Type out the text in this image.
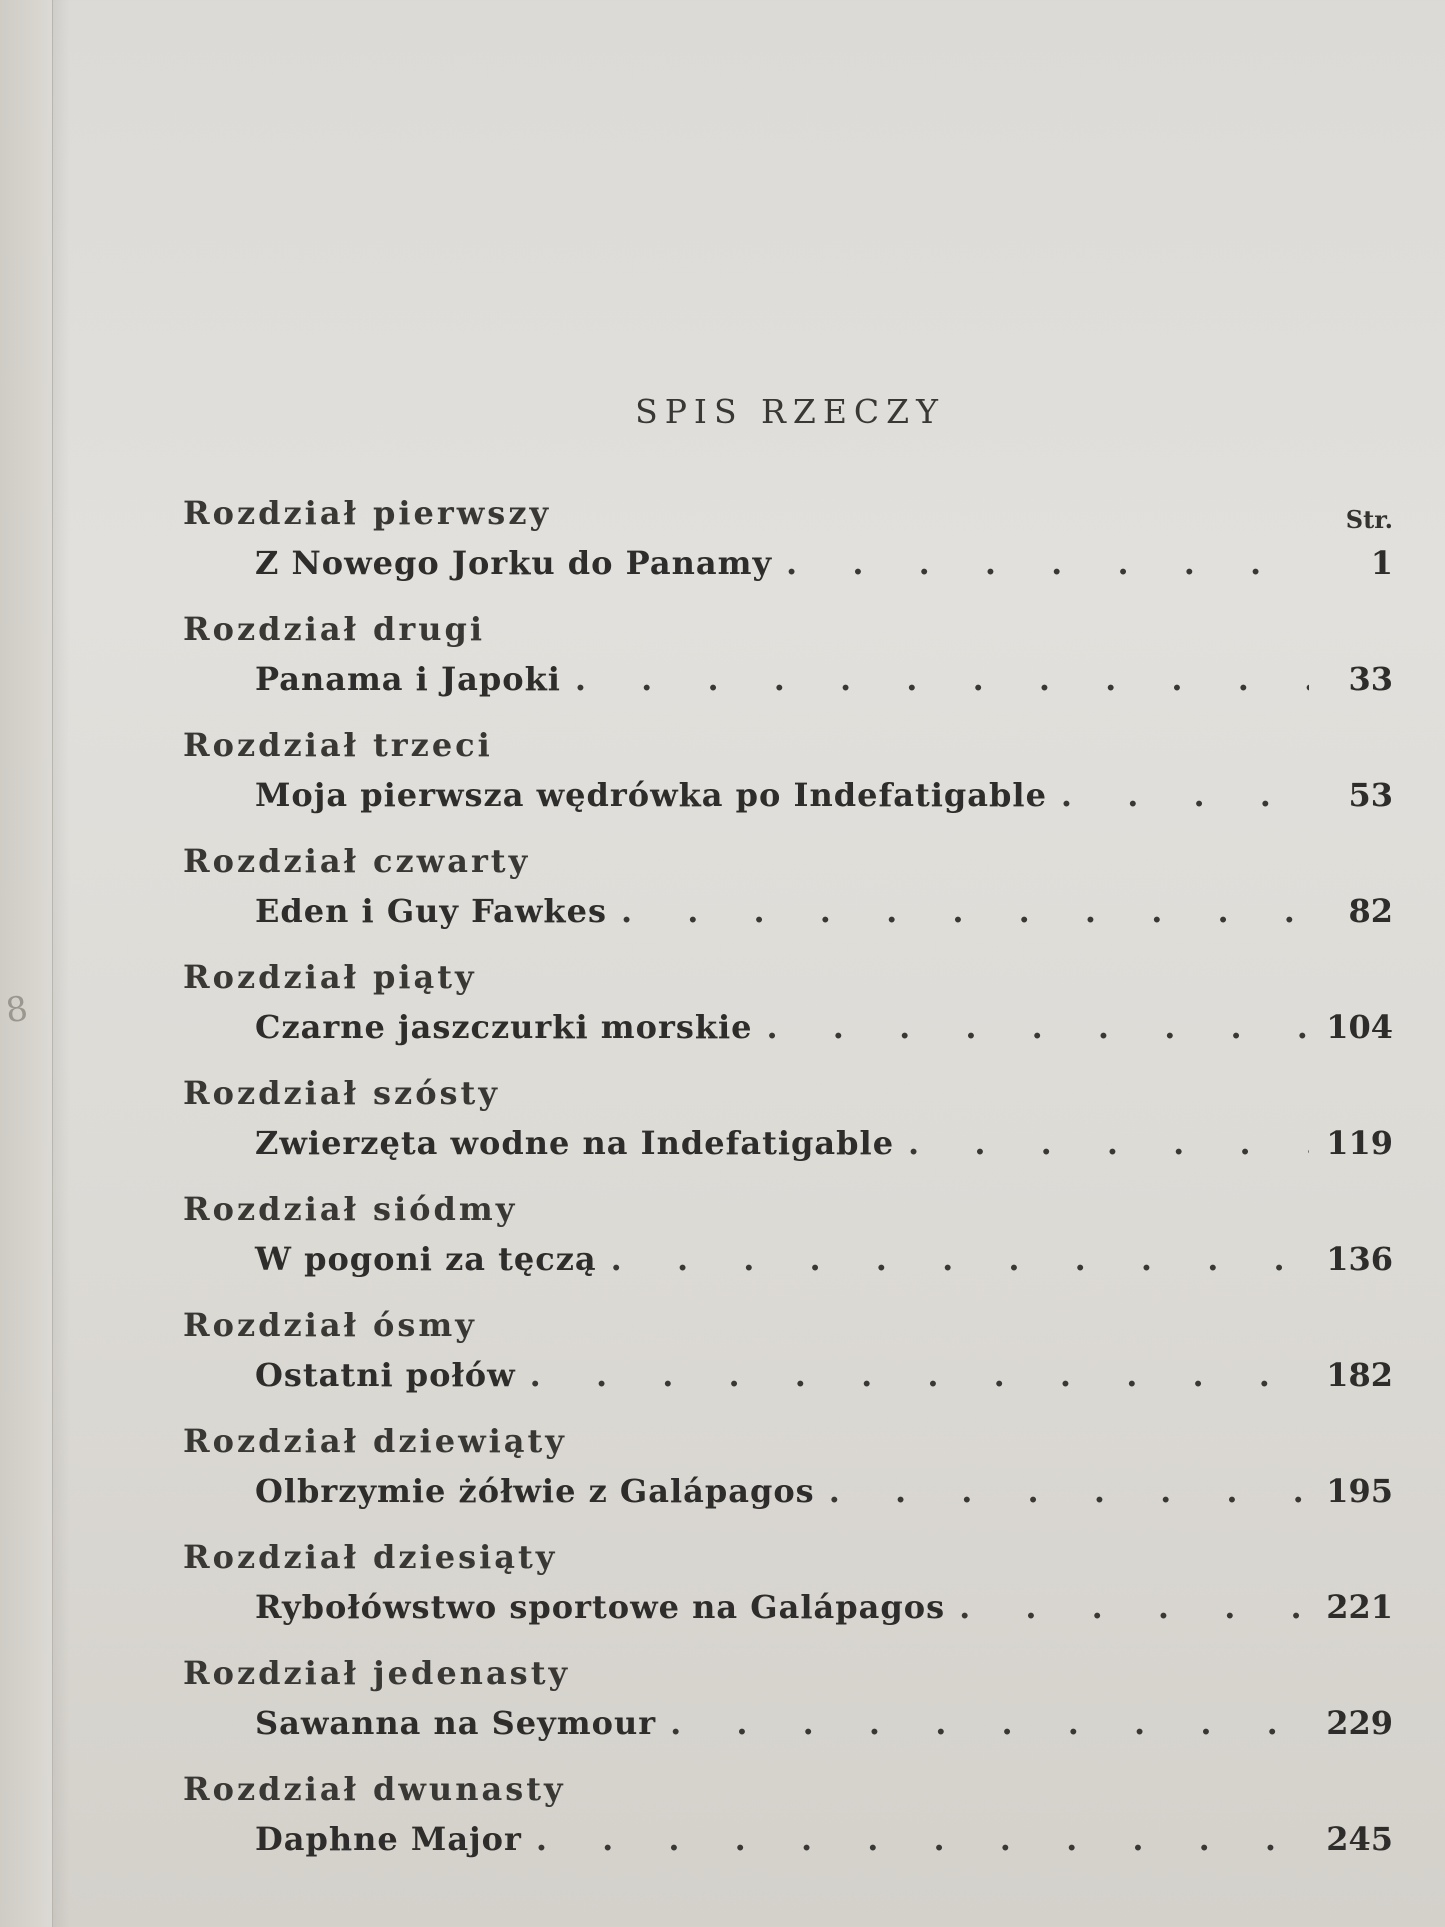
8
SPIS RZECZY
Str.
Rozdział pierwszy
Z Nowego Jorku do Panamy . . .	1
Rozdział drugi
Panama i Japoki . . .	33
Rozdział trzeci
Moja pierwsza wędrówka po Indefatigable . . .	53
Rozdział czwarty
Eden i Guy Fawkes . . .	82
Rozdział piąty
Czarne jaszczurki morskie . . .	104
Rozdział szósty
Zwierzęta wodne na Indefatigable . . .	119
Rozdział siódmy
W pogoni za tęczą . . .	136
Rozdział ósmy
Ostatni połów . . .	182
Rozdział dziewiąty
Olbrzymie żółwie z Galápagos . . .	195
Rozdział dziesiąty
Rybołówstwo sportowe na Galápagos . . .	221
Rozdział jedenasty
Sawanna na Seymour . . .	229
Rozdział dwunasty
Daphne Major . . .	245
